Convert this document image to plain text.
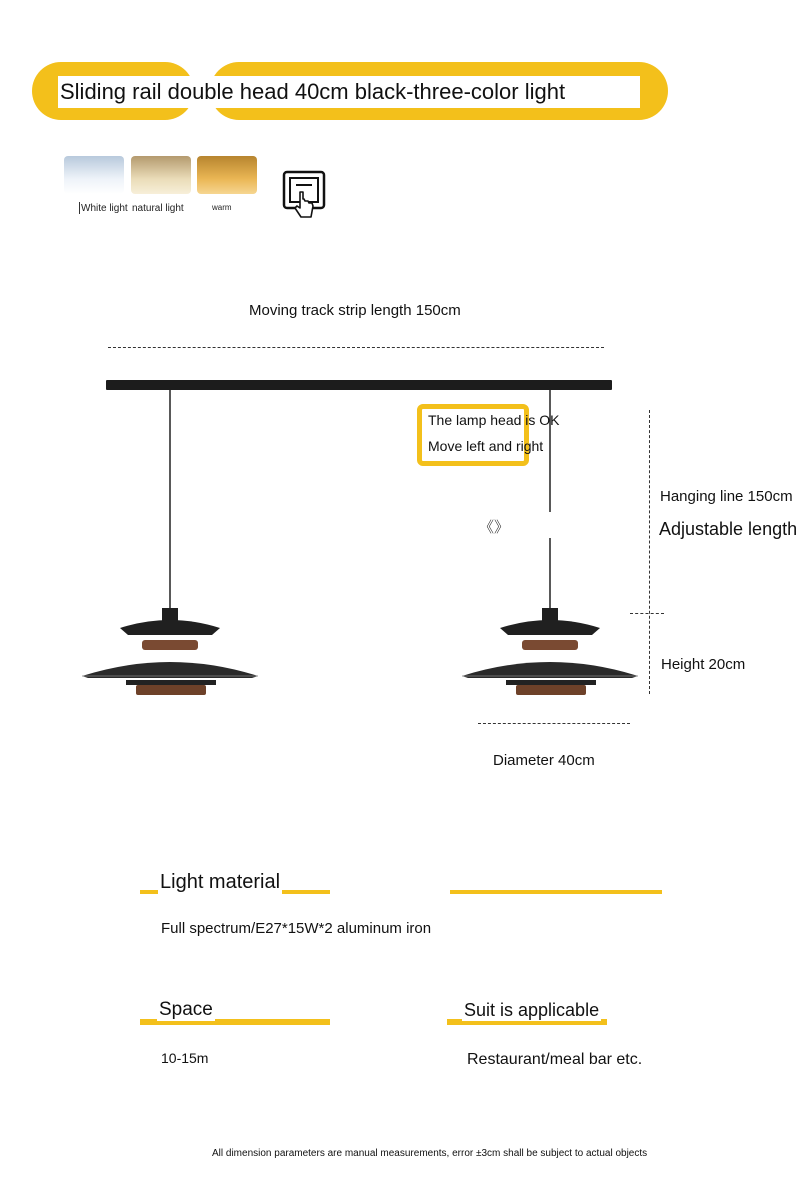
Sliding rail double head 40cm black-three-color light
White light natural light	warm
Moving track strip length 150cm
The lamp head is OK
Move left and right
《》
Hanging line 150cm
Adjustable length
Height 20cm
Diameter 40cm
Light material
Full spectrum/E27*15W*2 aluminum iron
Space
10-15m
Suit is applicable
Restaurant/meal bar etc.
All dimension parameters are manual measurements, error ±3cm shall be subject to actual objects
